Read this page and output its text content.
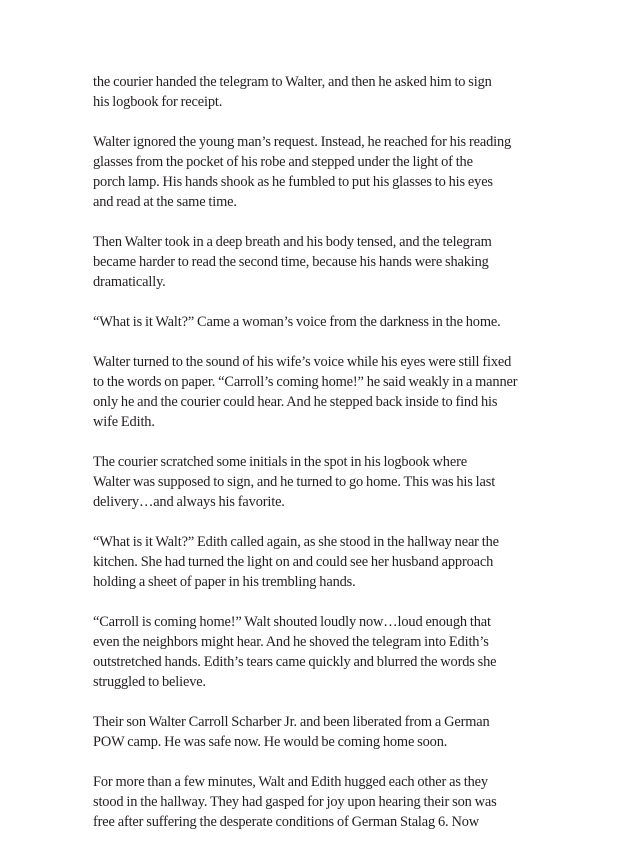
the courier handed the telegram to Walter, and then he asked him to sign
his logbook for receipt.

Walter ignored the young man’s request. Instead, he reached for his reading
glasses from the pocket of his robe and stepped under the light of the
porch lamp. His hands shook as he fumbled to put his glasses to his eyes
and read at the same time.

Then Walter took in a deep breath and his body tensed, and the telegram
became harder to read the second time, because his hands were shaking
dramatically.

“What is it Walt?” Came a woman’s voice from the darkness in the home.

Walter turned to the sound of his wife’s voice while his eyes were still fixed
to the words on paper. “Carroll’s coming home!” he said weakly in a manner
only he and the courier could hear. And he stepped back inside to find his
wife Edith.

The courier scratched some initials in the spot in his logbook where
Walter was supposed to sign, and he turned to go home. This was his last
delivery…and always his favorite.

“What is it Walt?” Edith called again, as she stood in the hallway near the
kitchen. She had turned the light on and could see her husband approach
holding a sheet of paper in his trembling hands.

“Carroll is coming home!” Walt shouted loudly now…loud enough that
even the neighbors might hear. And he shoved the telegram into Edith’s
outstretched hands. Edith’s tears came quickly and blurred the words she
struggled to believe.

Their son Walter Carroll Scharber Jr. and been liberated from a German
POW camp. He was safe now. He would be coming home soon.

For more than a few minutes, Walt and Edith hugged each other as they
stood in the hallway. They had gasped for joy upon hearing their son was
free after suffering the desperate conditions of German Stalag 6. Now
